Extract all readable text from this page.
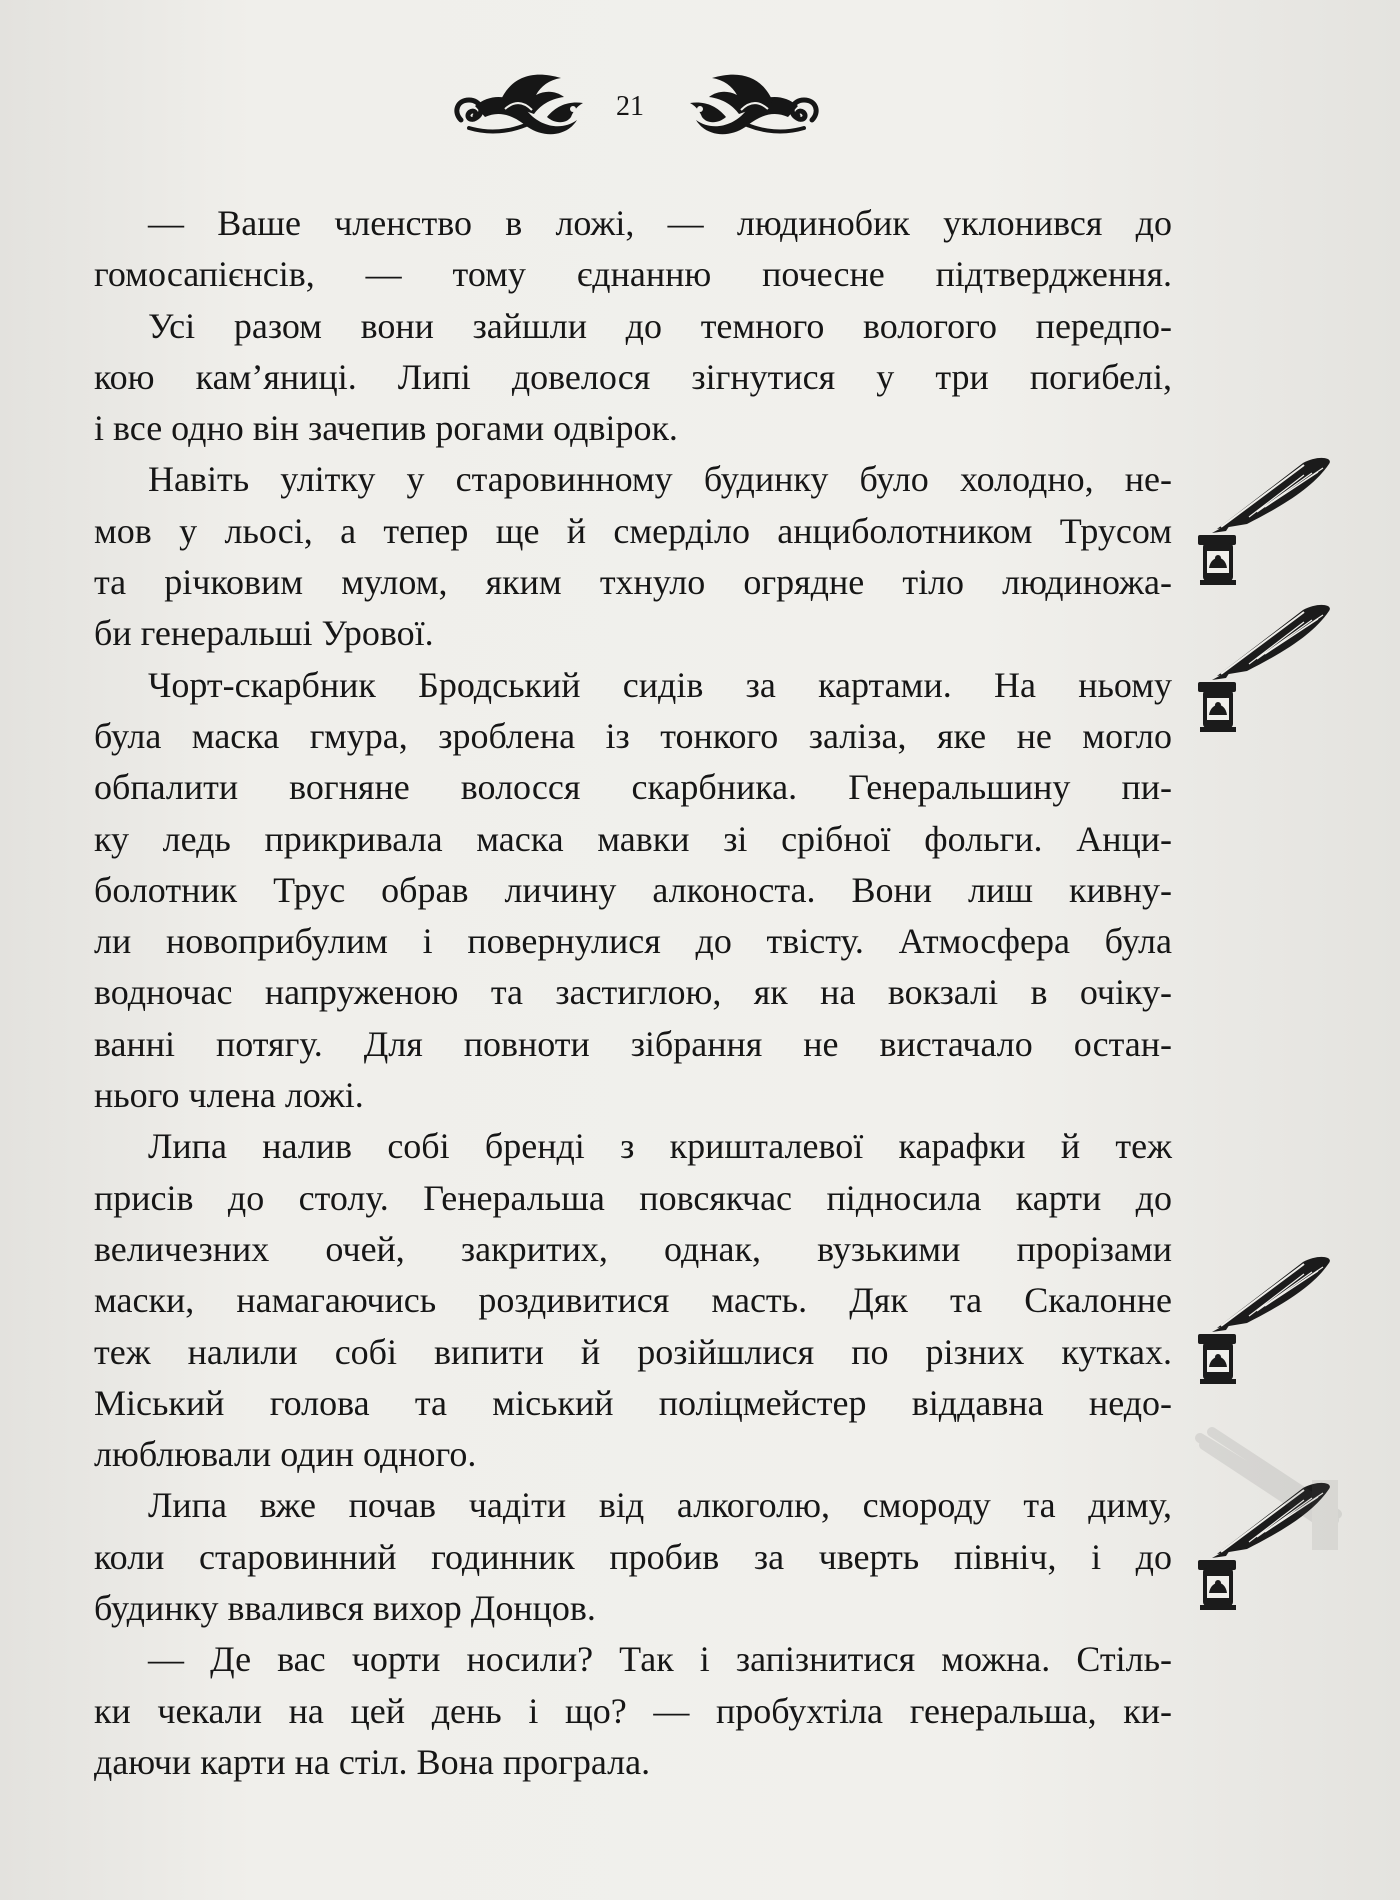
21
— Ваше членство в ложі, — людинобик уклонився до
гомосапієнсів, — тому єднанню почесне підтвердження.
Усі разом вони зайшли до темного вологого передпо-
кою кам’яниці. Липі довелося зігнутися у три погибелі,
і все одно він зачепив рогами одвірок.
Навіть улітку у старовинному будинку було холодно, не-
мов у льосі, а тепер ще й смерділо анциболотником Трусом
та річковим мулом, яким тхнуло огрядне тіло людиножа-
би генеральші Урової.
Чорт-скарбник Бродський сидів за картами. На ньому
була маска гмура, зроблена із тонкого заліза, яке не могло
обпалити вогняне волосся скарбника. Генеральшину пи-
ку ледь прикривала маска мавки зі срібної фольги. Анци-
болотник Трус обрав личину алконоста. Вони лиш кивну-
ли новоприбулим і повернулися до твісту. Атмосфера була
водночас напруженою та застиглою, як на вокзалі в очіку-
ванні потягу. Для повноти зібрання не вистачало остан-
нього члена ложі.
Липа налив собі бренді з кришталевої карафки й теж
присів до столу. Генеральша повсякчас підносила карти до
величезних очей, закритих, однак, вузькими прорізами
маски, намагаючись роздивитися масть. Дяк та Скалонне
теж налили собі випити й розійшлися по різних кутках.
Міський голова та міський поліцмейстер віддавна недо-
люблювали один одного.
Липа вже почав чадіти від алкоголю, смороду та диму,
коли старовинний годинник пробив за чверть північ, і до
будинку ввалився вихор Донцов.
— Де вас чорти носили? Так і запізнитися можна. Стіль-
ки чекали на цей день і що? — пробухтіла генеральша, ки-
даючи карти на стіл. Вона програла.
